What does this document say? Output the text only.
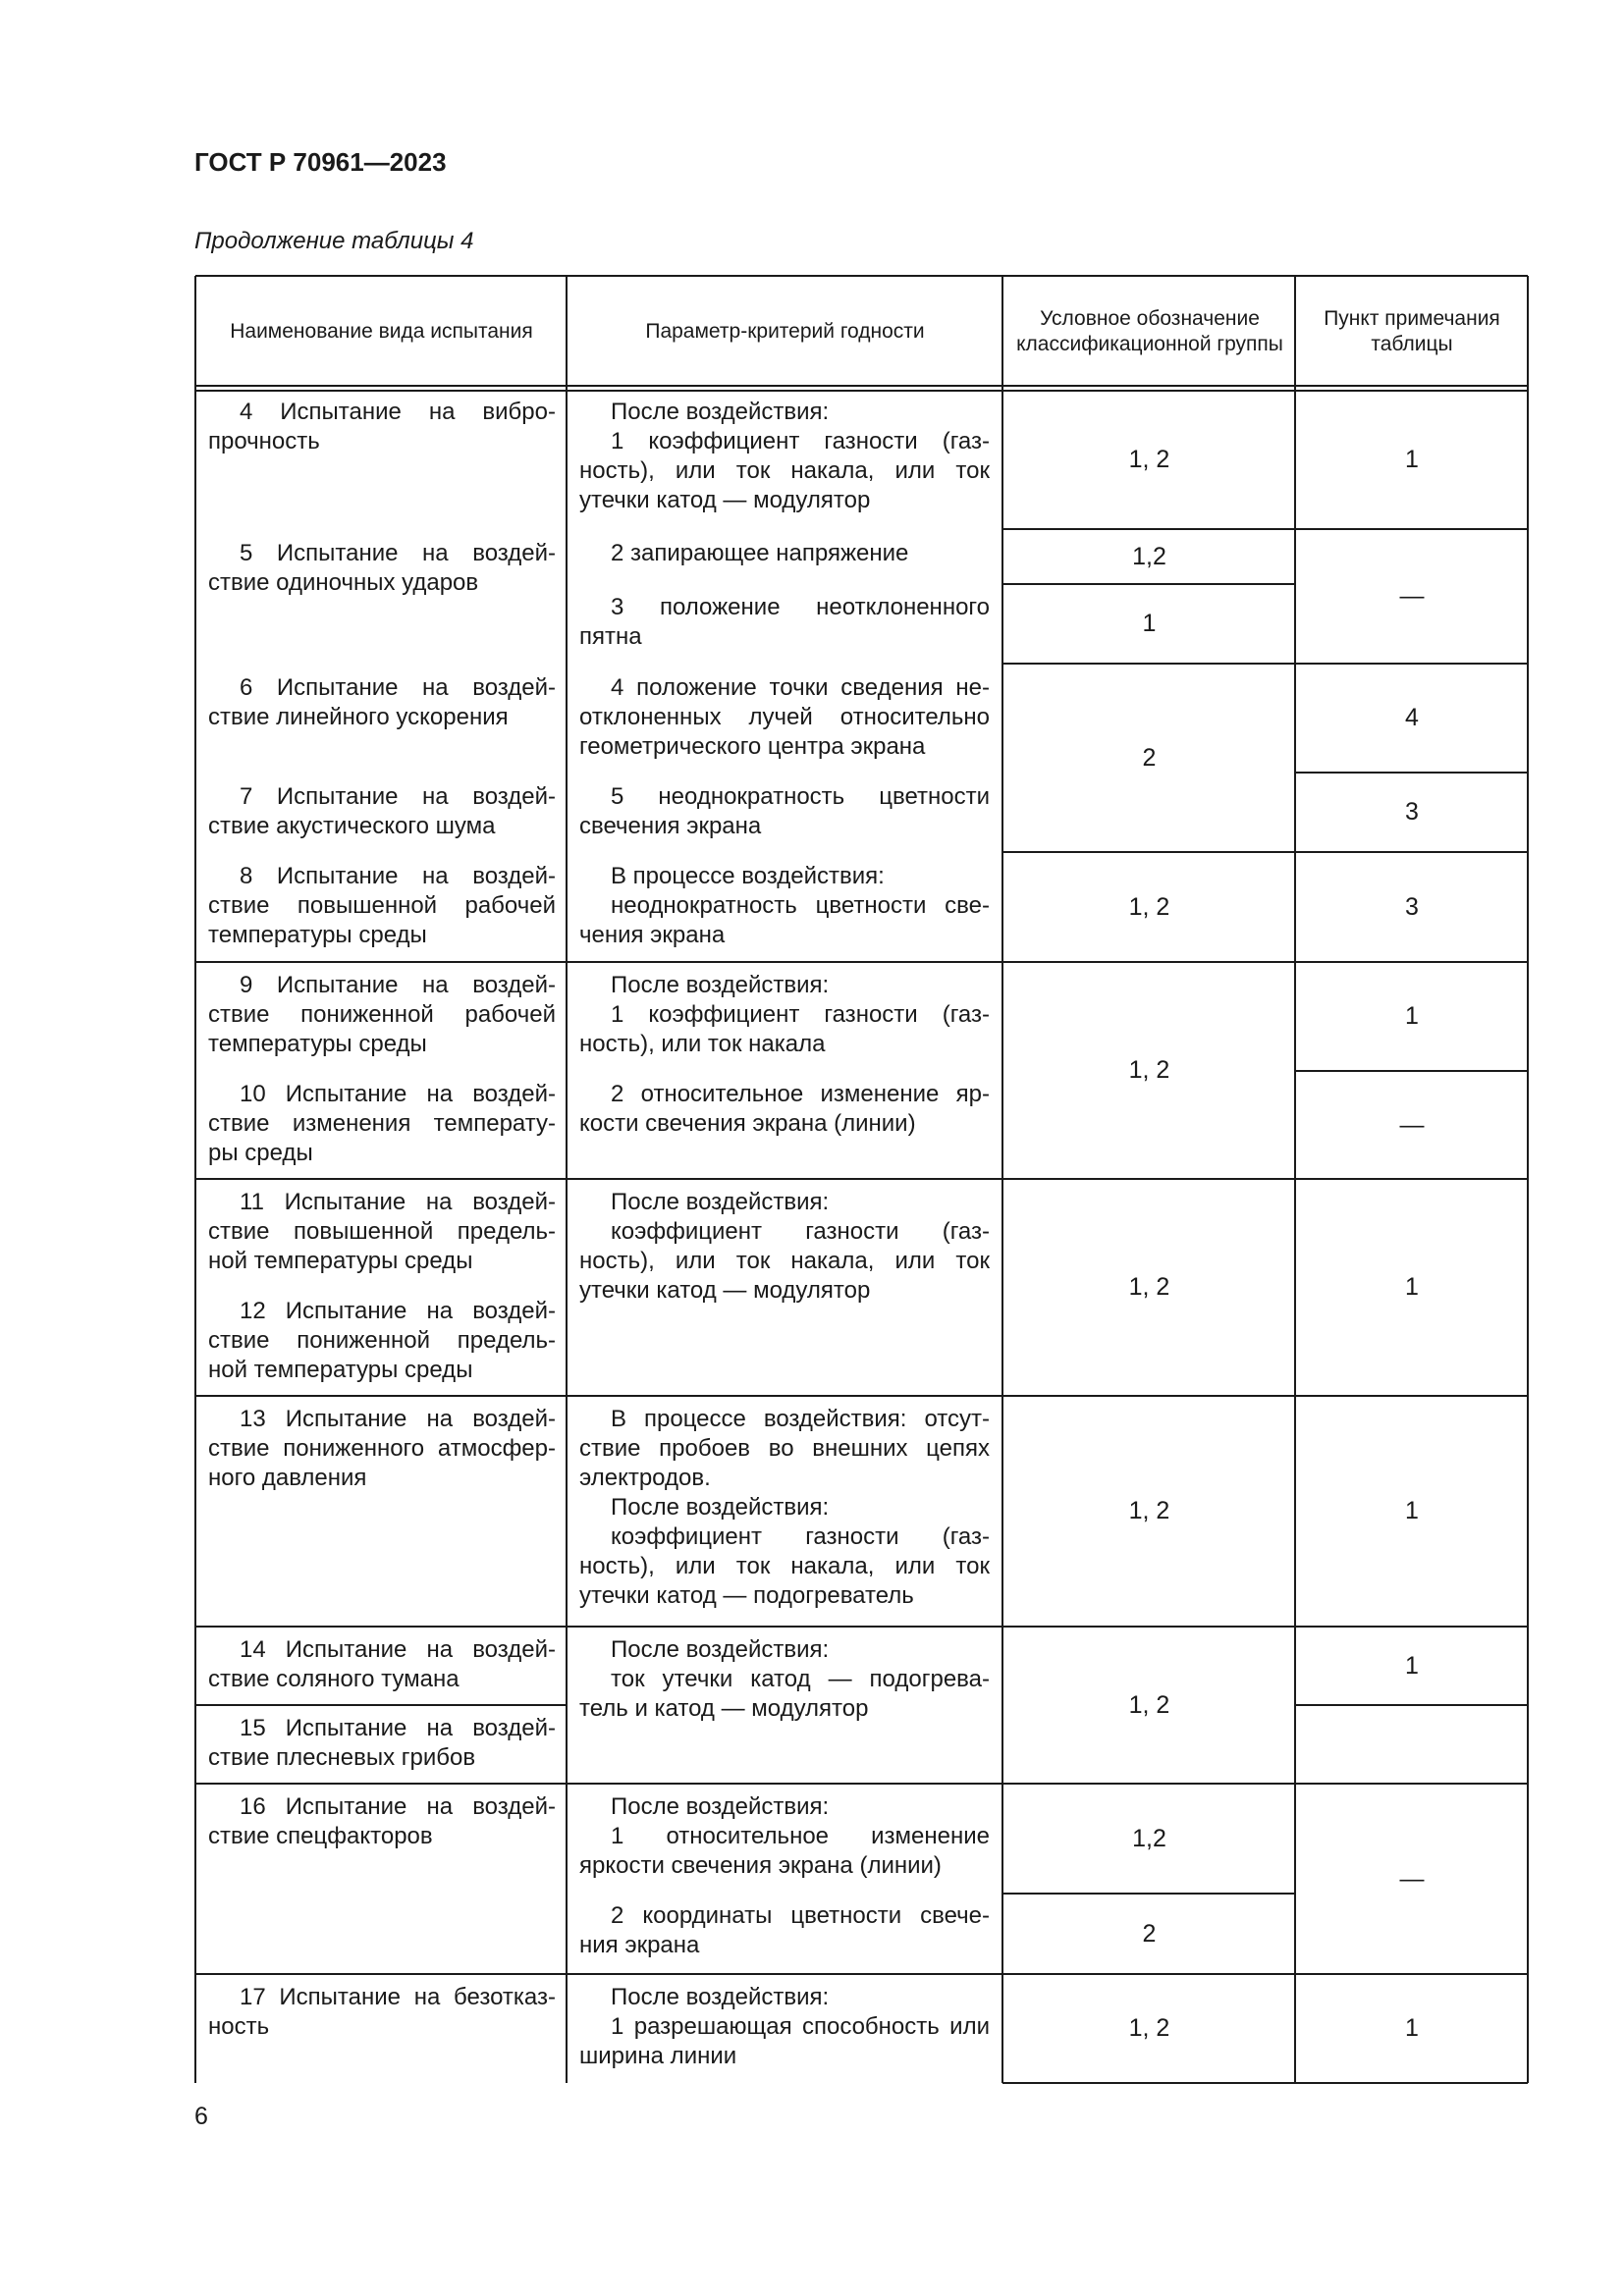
ГОСТ Р 70961—2023
Продолжение таблицы 4
Наименование вида испытания	Параметр-критерий годности
Условное обозначение классификационной группы
Пункт примечания таблицы
4 Испытание на вибро- прочность
5 Испытание на воздей- ствие одиночных ударов
6 Испытание на воздей- ствие линейного ускорения
7 Испытание на воздей- ствие акустического шума
8 Испытание на воздей- ствие повышенной рабочей температуры среды
9 Испытание на воздей- ствие пониженной рабочей температуры среды
10 Испытание на воздей- ствие изменения температу- ры среды
11 Испытание на воздей- ствие повышенной предель- ной температуры среды
12 Испытание на воздей- ствие пониженной предель- ной температуры среды
13 Испытание на воздей- ствие пониженного атмосфер- ного давления
14 Испытание на воздей- ствие соляного тумана
15 Испытание на воздей- ствие плесневых грибов
16 Испытание на воздей- ствие спецфакторов
17 Испытание на безотказ- ность
После воздействия:
1 коэффициент газности (газ- ность), или ток накала, или ток утечки катод — модулятор
2 запирающее напряжение
3 положение неотклоненного пятна
4 положение точки сведения не- отклоненных лучей относительно геометрического центра экрана
5 неоднократность цветности свечения экрана
В процессе воздействия:
неоднократность цветности све- чения экрана
После воздействия:
1 коэффициент газности (газ- ность), или ток накала
2 относительное изменение яр- кости свечения экрана (линии)
После воздействия:
коэффициент газности (газ- ность), или ток накала, или ток утечки катод — модулятор
В процессе воздействия: отсут- ствие пробоев во внешних цепях электродов.
После воздействия:
коэффициент газности (газ- ность), или ток накала, или ток утечки катод — подогреватель
После воздействия:
ток утечки катод — подогрева- тель и катод — модулятор
После воздействия:
1 относительное изменение яркости свечения экрана (линии)
2 координаты цветности свече- ния экрана
После воздействия:
1 разрешающая способность или ширина линии
1, 2
1,2
1
2
1, 2
1, 2
1, 2
1, 2
1, 2
1,2
2
1, 2
1
—
4
3
3
1
—
1
1
1
—
1
6
